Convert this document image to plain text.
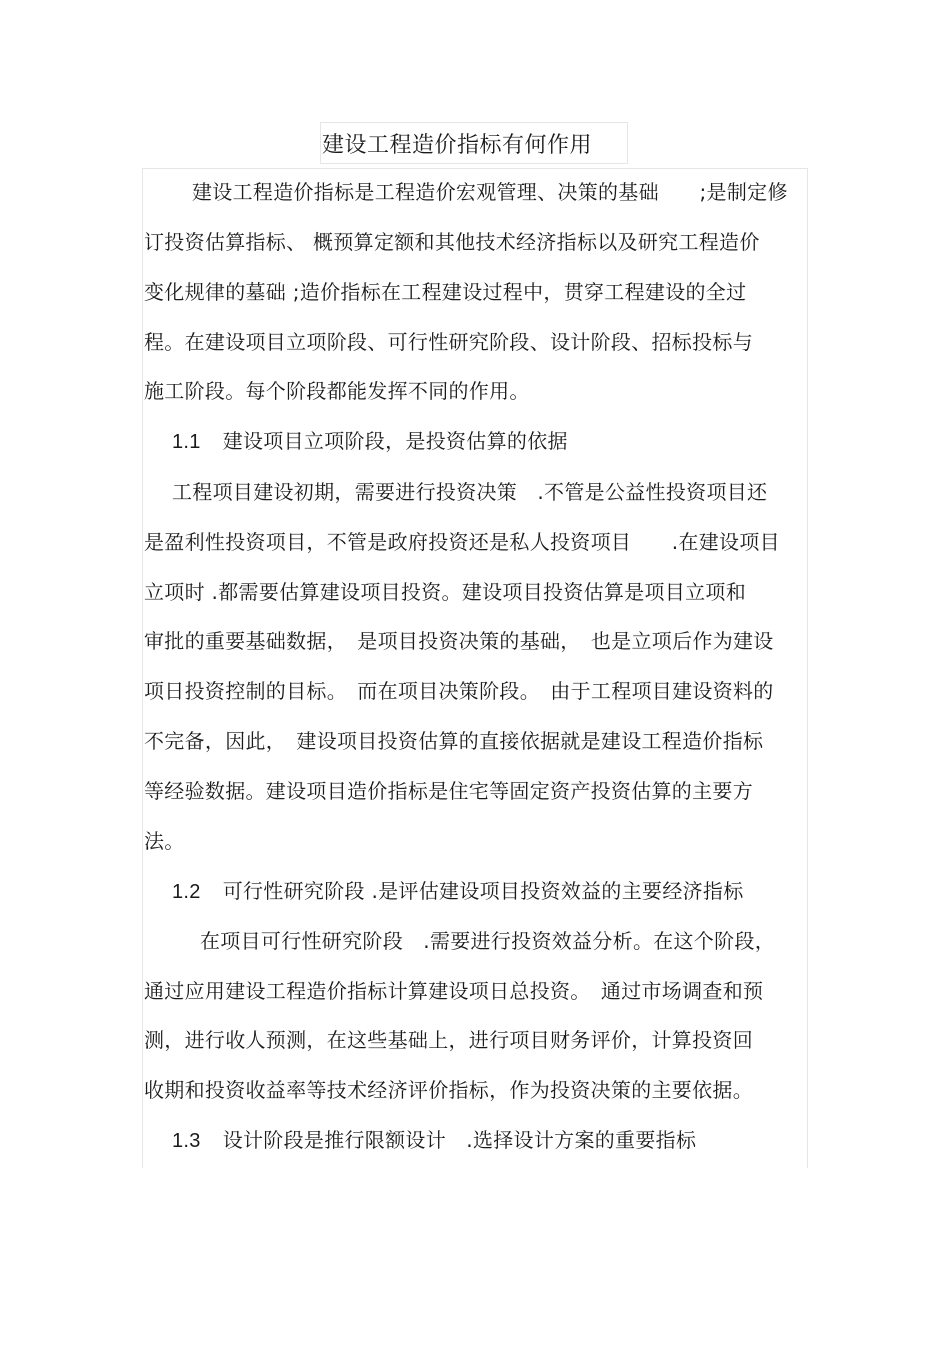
建设工程造价指标有何作用
建设工程造价指标是工程造价宏观管理、决策的基础　　;是制定修
订投资估算指标、 概预算定额和其他技术经济指标以及研究工程造价
变化规律的墓础 ;造价指标在工程建设过程中，贯穿工程建设的全过
程。在建设项目立项阶段、可行性研究阶段、设计阶段、招标投标与
施工阶段。每个阶段都能发挥不同的作用。
1.1 建设项目立项阶段，是投资估算的依据
工程项目建设初期，需要进行投资决策　.不管是公益性投资项目还
是盈利性投资项目，不管是政府投资还是私人投资项目　　.在建设项目
立项时 .都需要估算建设项目投资。建设项目投资估算是项目立项和
审批的重要基础数据，　是项目投资决策的基础，　也是立项后作为建设
项日投资控制的目标。　而在项目决策阶段。　由于工程项目建设资料的
不完备，因此，　建设项目投资估算的直接依据就是建设工程造价指标
等经验数据。建设项目造价指标是住宅等固定资产投资估算的主要方
法。
1.2 可行性研究阶段 .是评估建设项目投资效益的主要经济指标
在项目可行性研究阶段　.需要进行投资效益分析。在这个阶段，
通过应用建设工程造价指标计算建设项日总投资。　通过市场调查和预
测，进行收人预测，在这些基础上，进行项目财务评价，计算投资回
收期和投资收益率等技术经济评价指标，作为投资决策的主要依据。
1.3 设计阶段是推行限额设计　.选择设计方案的重要指标
